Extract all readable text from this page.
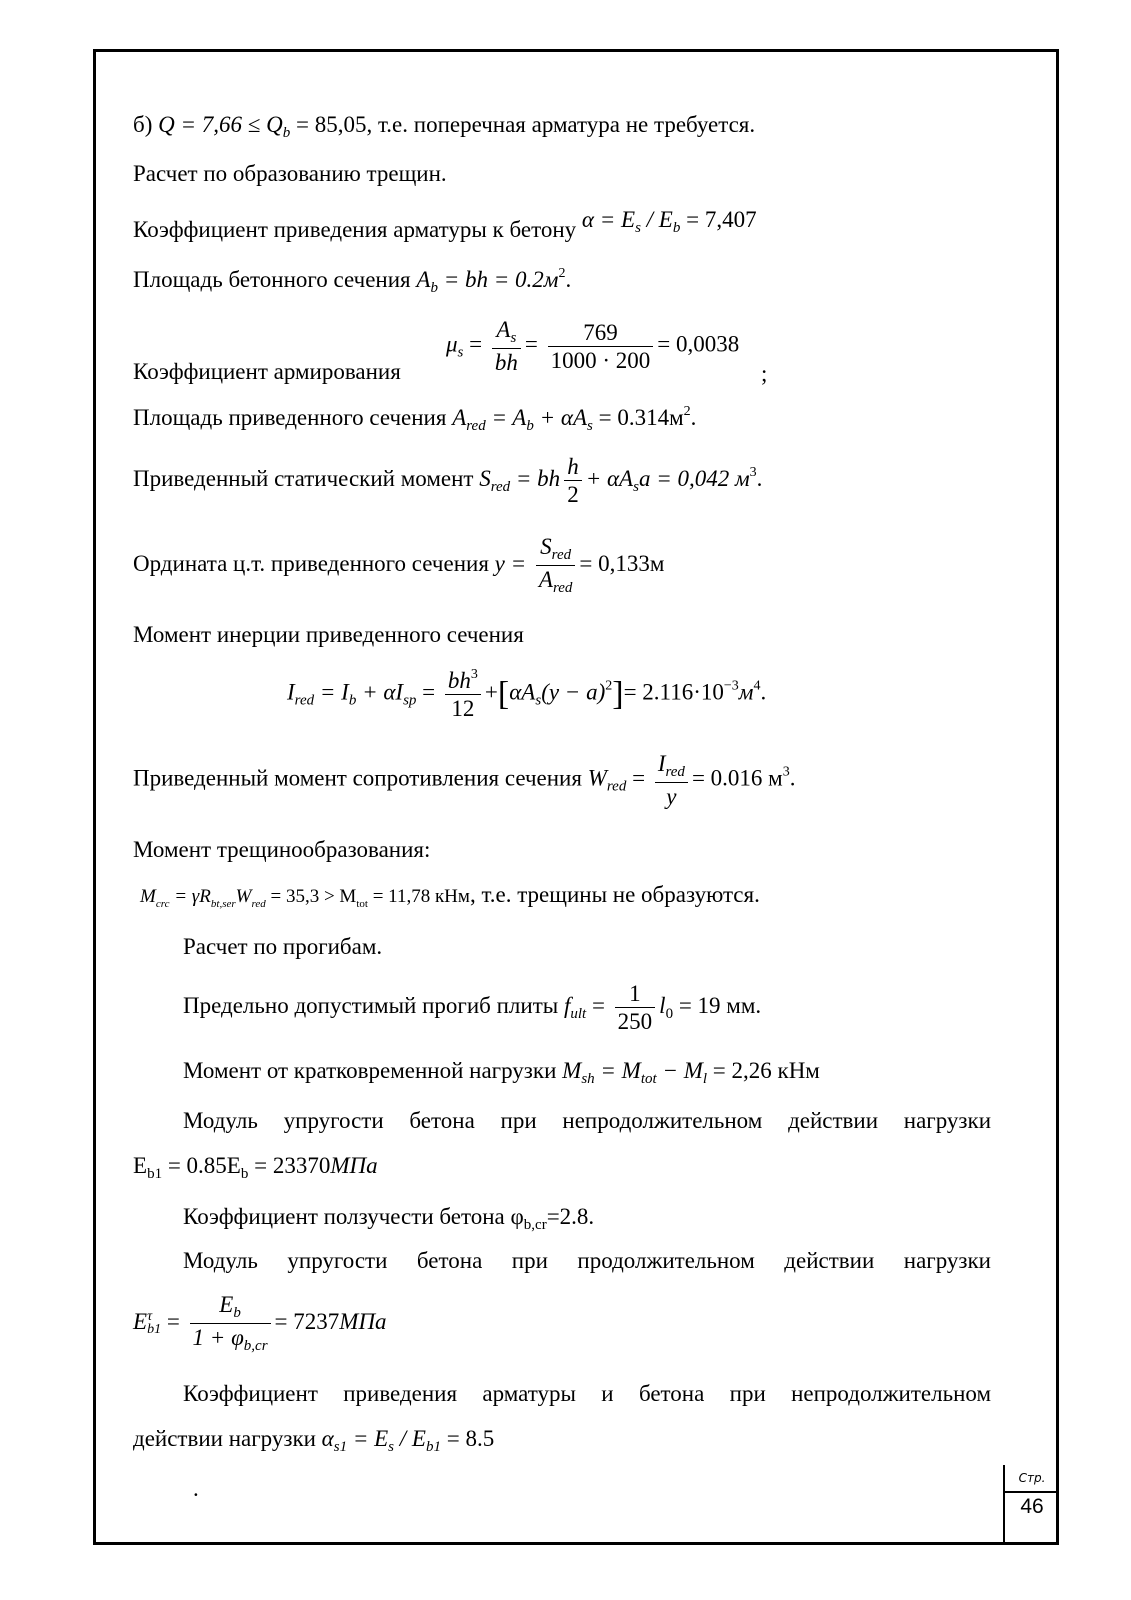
б) $Q = 7,66 \le Q_b = 85,05$, т.е. поперечная арматура не требуется.
Расчет по образованию трещин.
Коэффициент приведения арматуры к бетону $\alpha = E_s / E_b = 7,407$
Площадь бетонного сечения $A_b$ = bh = $0.2м^2$.
Коэффициент армирования
$\mu_s = \frac{A_s}{bh} = \frac{769}{1000 \cdot 200} = 0,0038$
;
Площадь приведенного сечения $A_{red} = A_b + \alpha A_s = 0.314м^2$.
Приведенный статический момент $S_{red}$ = bh $\frac{h}{2} + \alpha A_sa = 0,042$ $м^3$.
Ордината ц.т. приведенного сечения $y = \frac{S_{red}}{A_{red}} = 0,133м$
Момент инерции приведенного сечения
$I_{red} = I_b + \alpha I_{sp} = \frac{bh^3}{12} +[\alpha A_s(y - a)^2]= 2.116\cdot 10^{-3}м^4$.
Приведенный момент сопротивления сечения $W_{red} = \frac{I_{red}}{y} = 0.016$ $м^3$.
Момент трещинообразования:
$M_{crc} = \gamma R_{bt,ser}W_{red} = 35,3 > M_{tot} = 11,78$ кНм, т.е. трещины не образуются.
Расчет по прогибам.
Предельно допустимый прогиб плиты $f_{ult} = \frac{1}{250} l_0 = 19$ мм.
Момент от кратковременной нагрузки $M_{sh} = M_{tot} - M_l = 2,26$ кНм
Модуль упругости бетона при непродолжительном действии нагрузки
$E_{b1} = 0.85E_b = 23370МПа$
Коэффициент ползучести бетона $\varphi_{b,cr}=2.8$.
Модуль упругости бетона при продолжительном действии нагрузки
E τ
$b1 = \frac{E_b}{1 + \varphi_{b,cr}} = 7237МПа$
Коэффициент приведения арматуры и бетона при непродолжительном
действии нагрузки $\alpha_{s1} = E_s / E_{b1} = 8.5$
.	Стр.
46
